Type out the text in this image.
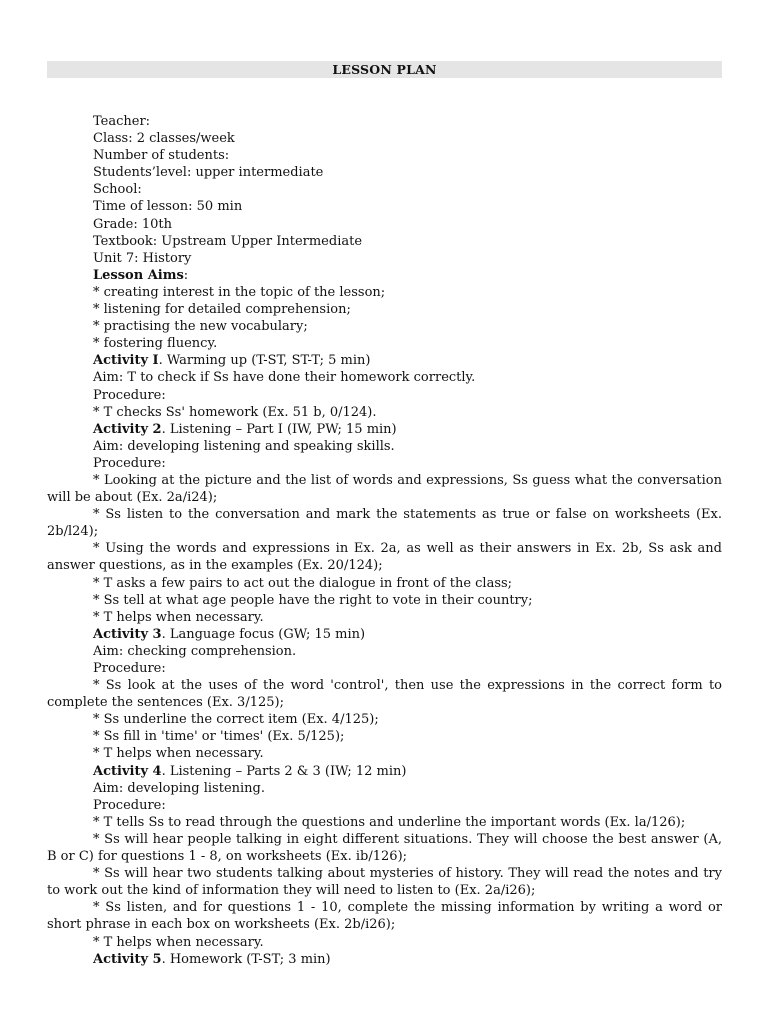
LESSON PLAN
Teacher:
Class: 2 classes/week
Number of students:
Students’level: upper intermediate
School:
Time of lesson: 50 min
Grade: 10th
Textbook: Upstream Upper Intermediate
Unit 7: History
Lesson Aims:
* creating interest in the topic of the lesson;
* listening for detailed comprehension;
* practising the new vocabulary;
* fostering fluency.
Activity I. Warming up (T-ST, ST-T; 5 min)
Aim: T to check if Ss have done their homework correctly.
Procedure:
* T checks Ss' homework (Ex. 51 b, 0/124).
Activity 2. Listening – Part I (IW, PW; 15 min)
Aim: developing listening and speaking skills.
Procedure:
* Looking at the picture and the list of words and expressions, Ss guess what the conversation will be about (Ex. 2a/i24);
* Ss listen to the conversation and mark the statements as true or false on worksheets (Ex. 2b/l24);
* Using the words and expressions in Ex. 2a, as well as their answers in Ex. 2b, Ss ask and answer questions, as in the examples (Ex. 20/124);
* T asks a few pairs to act out the dialogue in front of the class;
* Ss tell at what age people have the right to vote in their country;
* T helps when necessary.
Activity 3. Language focus (GW; 15 min)
Aim: checking comprehension.
Procedure:
* Ss look at the uses of the word 'control', then use the expressions in the correct form to complete the sentences (Ex. 3/125);
* Ss underline the correct item (Ex. 4/125);
* Ss fill in 'time' or 'times' (Ex. 5/125);
* T helps when necessary.
Activity 4. Listening – Parts 2 & 3 (IW; 12 min)
Aim: developing listening.
Procedure:
* T tells Ss to read through the questions and underline the important words (Ex. la/126);
* Ss will hear people talking in eight different situations. They will choose the best answer (A, B or C) for questions 1 - 8, on worksheets (Ex. ib/126);
* Ss will hear two students talking about mysteries of history. They will read the notes and try to work out the kind of information they will need to listen to (Ex. 2a/i26);
* Ss listen, and for questions 1 - 10, complete the missing information by writing a word or short phrase in each box on worksheets (Ex. 2b/i26);
* T helps when necessary.
Activity 5. Homework (T-ST; 3 min)
